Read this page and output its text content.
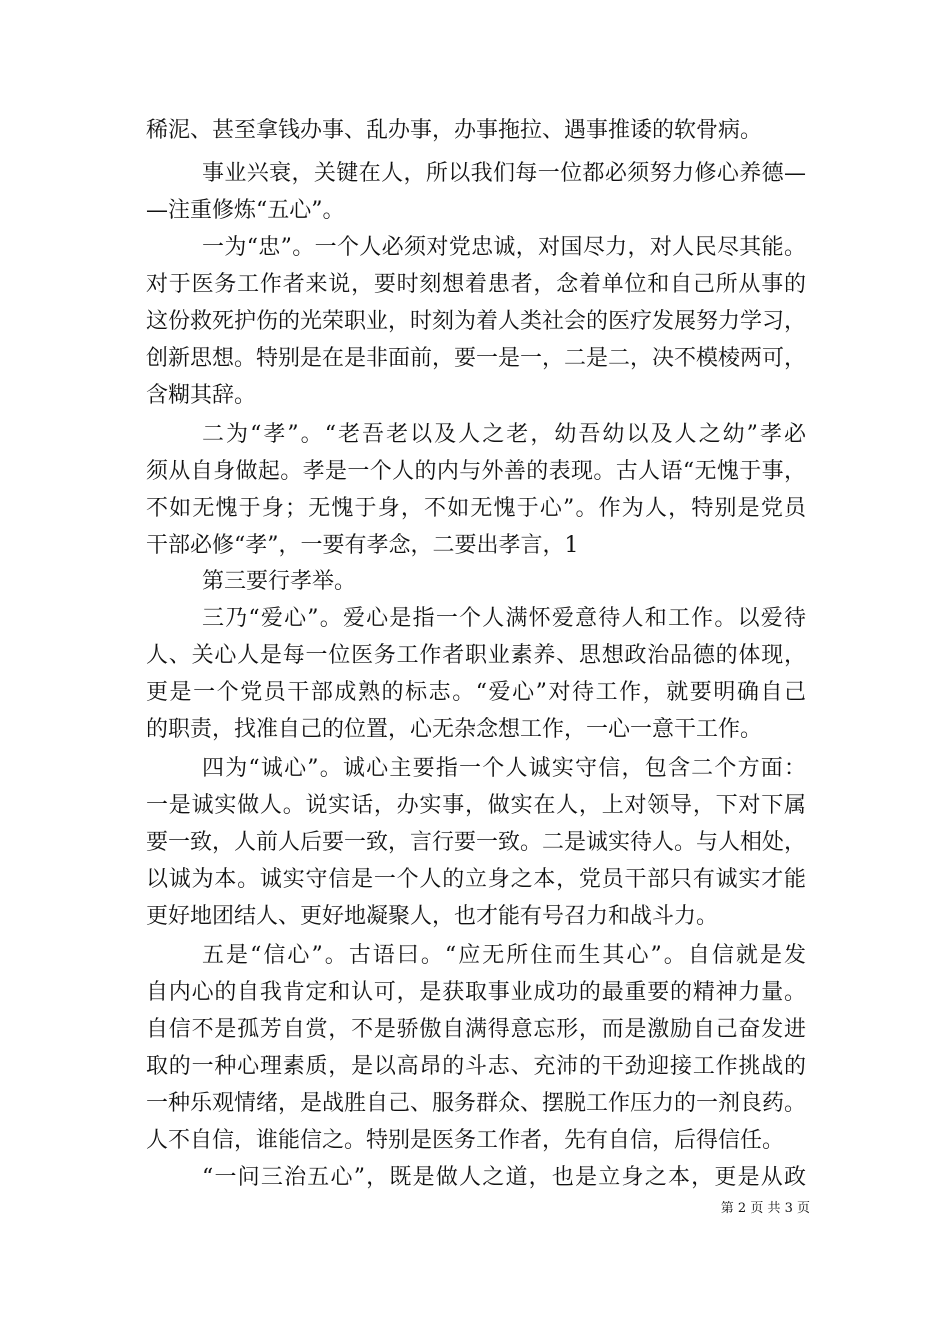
稀泥、甚至拿钱办事、乱办事，办事拖拉、遇事推诿的软骨病。
事业兴衰，关键在人，所以我们每一位都必须努力修心养德—
—注重修炼“五心”。
一为“忠”。一个人必须对党忠诚，对国尽力，对人民尽其能。
对于医务工作者来说，要时刻想着患者，念着单位和自己所从事的
这份救死护伤的光荣职业，时刻为着人类社会的医疗发展努力学习，
创新思想。特别是在是非面前，要一是一，二是二，决不模棱两可，
含糊其辞。
二为“孝”。“老吾老以及人之老，幼吾幼以及人之幼”孝必
须从自身做起。孝是一个人的内与外善的表现。古人语“无愧于事，
不如无愧于身；无愧于身，不如无愧于心”。作为人，特别是党员
干部必修“孝”，一要有孝念，二要出孝言，1
第三要行孝举。
三乃“爱心”。爱心是指一个人满怀爱意待人和工作。以爱待
人、关心人是每一位医务工作者职业素养、思想政治品德的体现，
更是一个党员干部成熟的标志。“爱心”对待工作，就要明确自己
的职责，找准自己的位置，心无杂念想工作，一心一意干工作。
四为“诚心”。诚心主要指一个人诚实守信，包含二个方面：
一是诚实做人。说实话，办实事，做实在人，上对领导，下对下属
要一致，人前人后要一致，言行要一致。二是诚实待人。与人相处，
以诚为本。诚实守信是一个人的立身之本，党员干部只有诚实才能
更好地团结人、更好地凝聚人，也才能有号召力和战斗力。
五是“信心”。古语曰。“应无所住而生其心”。自信就是发
自内心的自我肯定和认可，是获取事业成功的最重要的精神力量。
自信不是孤芳自赏，不是骄傲自满得意忘形，而是激励自己奋发进
取的一种心理素质，是以高昂的斗志、充沛的干劲迎接工作挑战的
一种乐观情绪，是战胜自己、服务群众、摆脱工作压力的一剂良药。
人不自信，谁能信之。特别是医务工作者，先有自信，后得信任。
“一问三治五心”，既是做人之道，也是立身之本，更是从政
第 2 页 共 3 页
